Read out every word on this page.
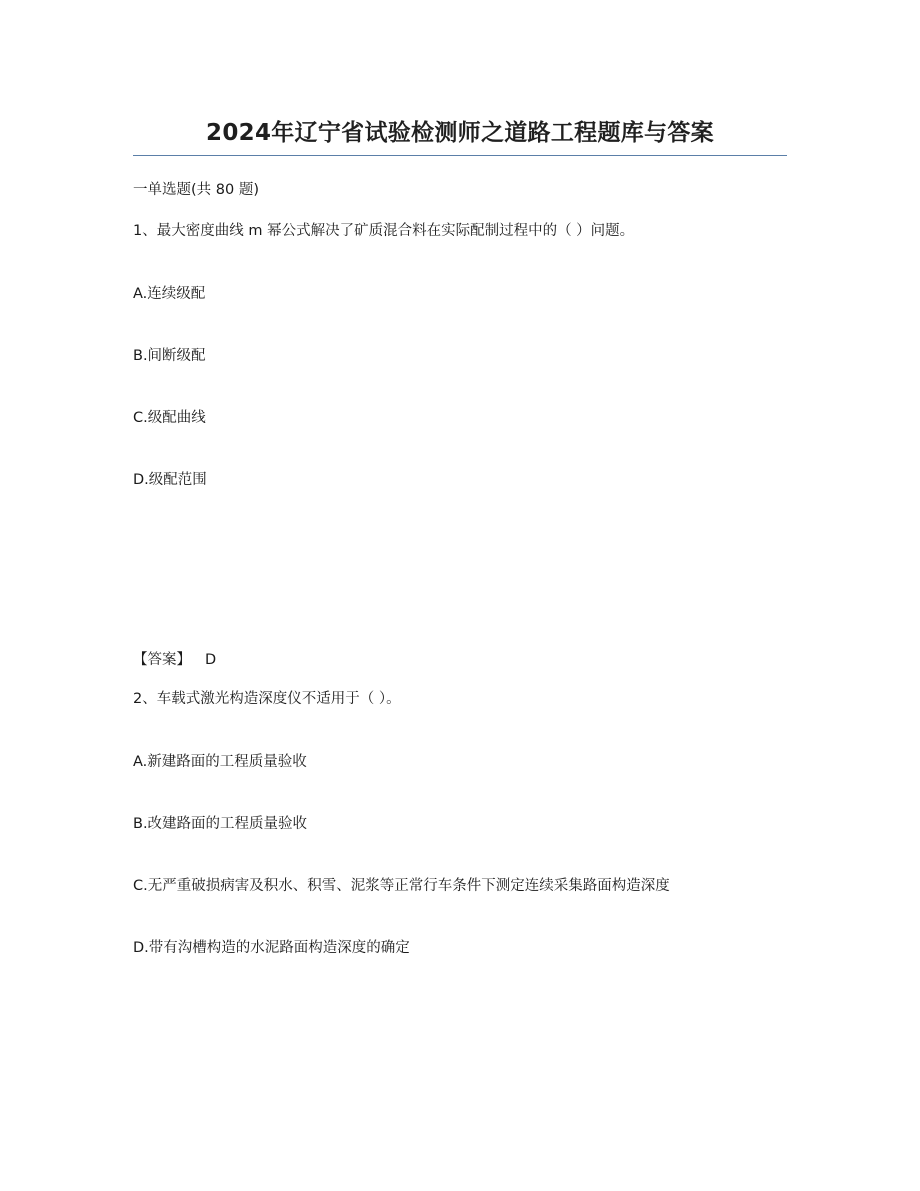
2024年辽宁省试验检测师之道路工程题库与答案
一单选题(共 80 题)
1、最大密度曲线 m 幂公式解决了矿质混合料在实际配制过程中的（ ）问题。
A.连续级配
B.间断级配
C.级配曲线
D.级配范围
【答案】 D
2、车载式激光构造深度仪不适用于（ ）。
A.新建路面的工程质量验收
B.改建路面的工程质量验收
C.无严重破损病害及积水、积雪、泥浆等正常行车条件下测定连续采集路面构造深度
D.带有沟槽构造的水泥路面构造深度的确定
